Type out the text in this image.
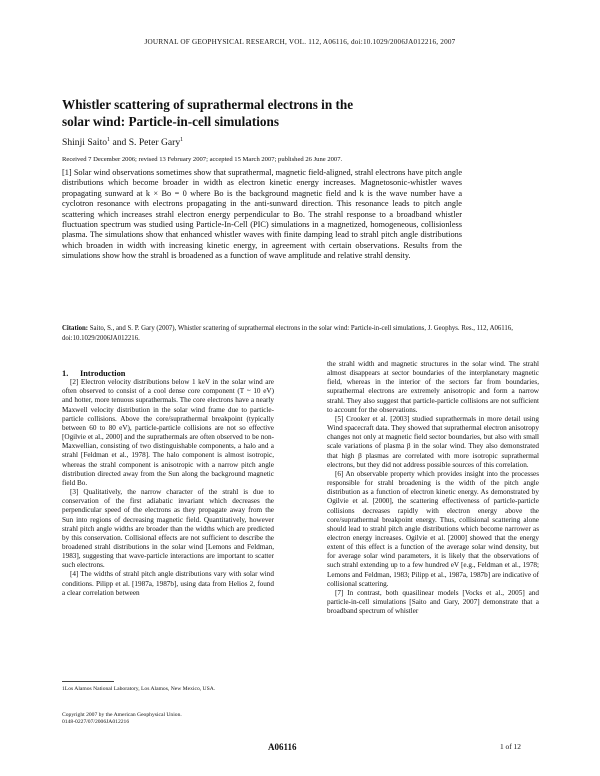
JOURNAL OF GEOPHYSICAL RESEARCH, VOL. 112, A06116, doi:10.1029/2006JA012216, 2007
Whistler scattering of suprathermal electrons in the
solar wind: Particle-in-cell simulations
Shinji Saito$^1$ and S. Peter Gary$^1$
Received 7 December 2006; revised 13 February 2007; accepted 15 March 2007; published 26 June 2007.
[1] Solar wind observations sometimes show that suprathermal, magnetic field-aligned, strahl electrons have pitch angle distributions which become broader in width as electron kinetic energy increases. Magnetosonic-whistler waves propagating sunward at k × Bo = 0 where Bo is the background magnetic field and k is the wave number have a cyclotron resonance with electrons propagating in the anti-sunward direction. This resonance leads to pitch angle scattering which increases strahl electron energy perpendicular to Bo. The strahl response to a broadband whistler fluctuation spectrum was studied using Particle-In-Cell (PIC) simulations in a magnetized, homogeneous, collisionless plasma. The simulations show that enhanced whistler waves with finite damping lead to strahl pitch angle distributions which broaden in width with increasing kinetic energy, in agreement with certain observations. Results from the simulations show how the strahl is broadened as a function of wave amplitude and relative strahl density.
Citation: Saito, S., and S. P. Gary (2007), Whistler scattering of suprathermal electrons in the solar wind: Particle-in-cell simulations, J. Geophys. Res., 112, A06116, doi:10.1029/2006JA012216.

1. Introduction

[2] Electron velocity distributions below 1 keV in the solar wind are often observed to consist of a cool dense core component (T ~ 10 eV) and hotter, more tenuous suprathermals. The core electrons have a nearly Maxwell velocity distribution in the solar wind frame due to particle-particle collisions. Above the core/suprathermal breakpoint (typically between 60 to 80 eV), particle-particle collisions are not so effective [Ogilvie et al., 2000] and the suprathermals are often observed to be non-Maxwellian, consisting of two distinguishable components, a halo and a strahl [Feldman et al., 1978]. The halo component is almost isotropic, whereas the strahl component is anisotropic with a narrow pitch angle distribution directed away from the Sun along the background magnetic field Bo.

[3] Qualitatively, the narrow character of the strahl is due to conservation of the first adiabatic invariant which decreases the perpendicular speed of the electrons as they propagate away from the Sun into regions of decreasing magnetic field. Quantitatively, however strahl pitch angle widths are broader than the widths which are predicted by this conservation. Collisional effects are not sufficient to describe the broadened strahl distributions in the solar wind [Lemons and Feldman, 1983], suggesting that wave-particle interactions are important to scatter such electrons.

[4] The widths of strahl pitch angle distributions vary with solar wind conditions. Pilipp et al. [1987a, 1987b], using data from Helios 2, found a clear correlation between

the strahl width and magnetic structures in the solar wind. The strahl almost disappears at sector boundaries of the interplanetary magnetic field, whereas in the interior of the sectors far from boundaries, suprathermal electrons are extremely anisotropic and form a narrow strahl. They also suggest that particle-particle collisions are not sufficient to account for the observations.

[5] Crooker et al. [2003] studied suprathermals in more detail using Wind spacecraft data. They showed that suprathermal electron anisotropy changes not only at magnetic field sector boundaries, but also with small scale variations of plasma β in the solar wind. They also demonstrated that high β plasmas are correlated with more isotropic suprathermal electrons, but they did not address possible sources of this correlation.

[6] An observable property which provides insight into the processes responsible for strahl broadening is the width of the pitch angle distribution as a function of electron kinetic energy. As demonstrated by Ogilvie et al. [2000], the scattering effectiveness of particle-particle collisions decreases rapidly with electron energy above the core/suprathermal breakpoint energy. Thus, collisional scattering alone should lead to strahl pitch angle distributions which become narrower as electron energy increases. Ogilvie et al. [2000] showed that the energy extent of this effect is a function of the average solar wind density, but for average solar wind parameters, it is likely that the observations of such strahl extending up to a few hundred eV [e.g., Feldman et al., 1978; Lemons and Feldman, 1983; Pilipp et al., 1987a, 1987b] are indicative of collisional scattering.

[7] In contrast, both quasilinear models [Vocks et al., 2005] and particle-in-cell simulations [Saito and Gary, 2007] demonstrate that a broadband spectrum of whistler

1Los Alamos National Laboratory, Los Alamos, New Mexico, USA.
Copyright 2007 by the American Geophysical Union.
0148-0227/07/2006JA012216
A06116	1 of 12
